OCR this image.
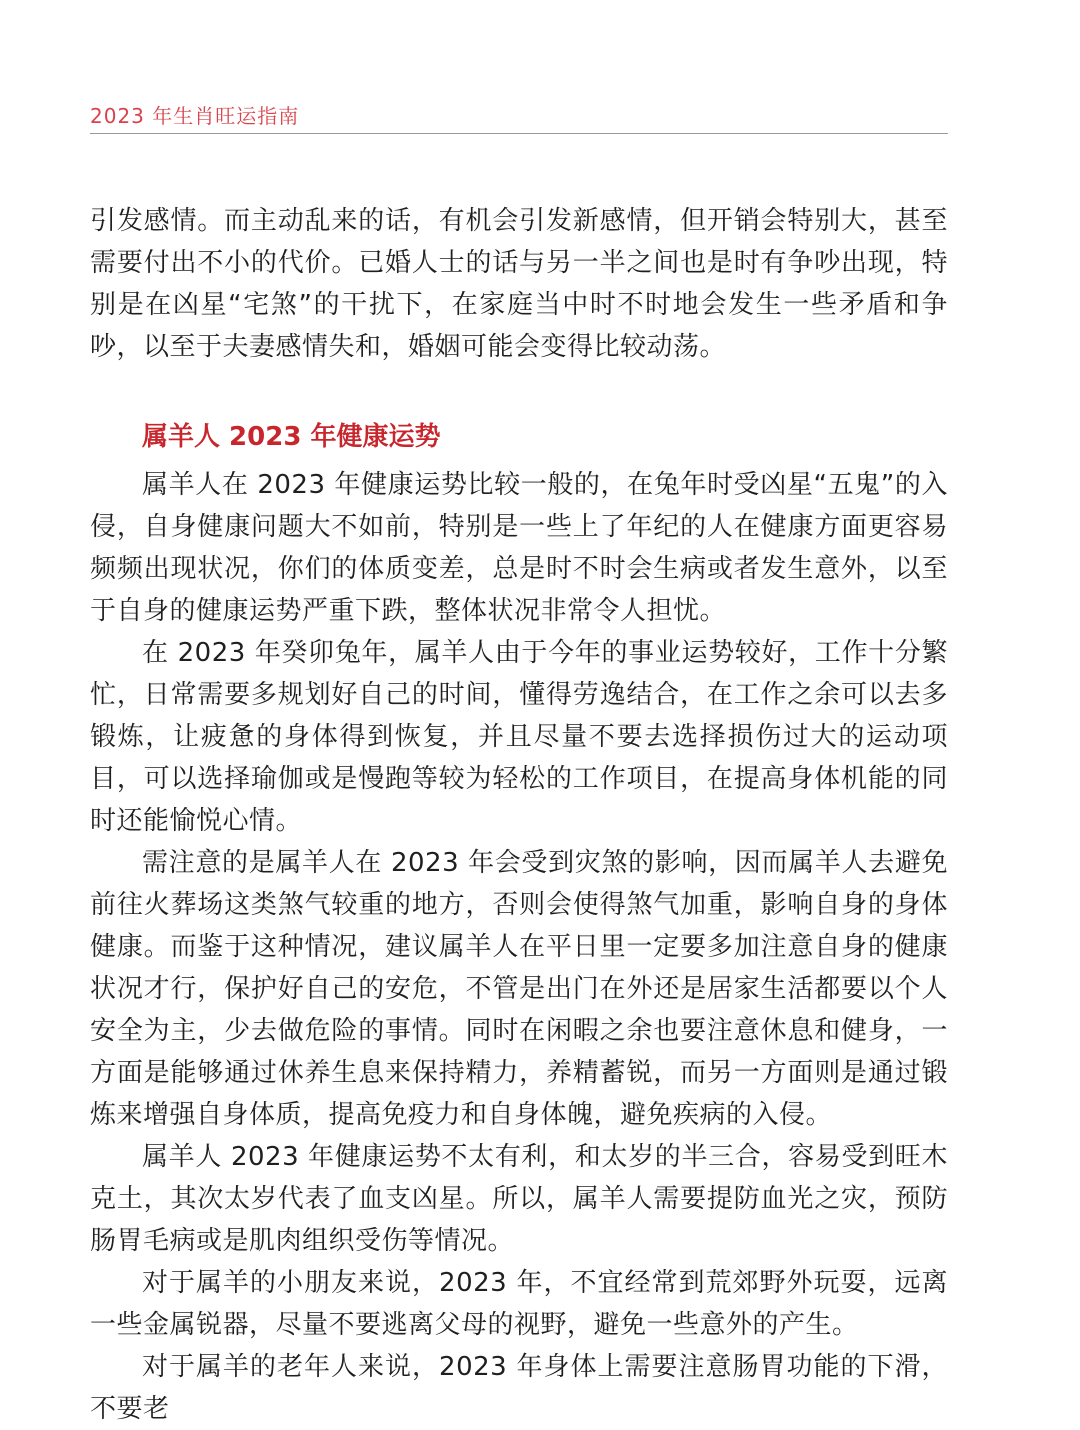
2023 年生肖旺运指南

引发感情。而主动乱来的话，有机会引发新感情，但开销会特别大，甚至需要付出不小的代价。已婚人士的话与另一半之间也是时有争吵出现，特别是在凶星“宅煞”的干扰下，在家庭当中时不时地会发生一些矛盾和争吵，以至于夫妻感情失和，婚姻可能会变得比较动荡。

属羊人 2023 年健康运势

属羊人在 2023 年健康运势比较一般的，在兔年时受凶星“五鬼”的入侵，自身健康问题大不如前，特别是一些上了年纪的人在健康方面更容易频频出现状况，你们的体质变差，总是时不时会生病或者发生意外，以至于自身的健康运势严重下跌，整体状况非常令人担忧。

在 2023 年癸卯兔年，属羊人由于今年的事业运势较好，工作十分繁忙，日常需要多规划好自己的时间，懂得劳逸结合，在工作之余可以去多锻炼，让疲惫的身体得到恢复，并且尽量不要去选择损伤过大的运动项目，可以选择瑜伽或是慢跑等较为轻松的工作项目，在提高身体机能的同时还能愉悦心情。

需注意的是属羊人在 2023 年会受到灾煞的影响，因而属羊人去避免前往火葬场这类煞气较重的地方，否则会使得煞气加重，影响自身的身体健康。而鉴于这种情况，建议属羊人在平日里一定要多加注意自身的健康状况才行，保护好自己的安危，不管是出门在外还是居家生活都要以个人安全为主，少去做危险的事情。同时在闲暇之余也要注意休息和健身，一方面是能够通过休养生息来保持精力，养精蓄锐，而另一方面则是通过锻炼来增强自身体质，提高免疫力和自身体魄，避免疾病的入侵。

属羊人 2023 年健康运势不太有利，和太岁的半三合，容易受到旺木克土，其次太岁代表了血支凶星。所以，属羊人需要提防血光之灾，预防肠胃毛病或是肌肉组织受伤等情况。

对于属羊的小朋友来说，2023 年，不宜经常到荒郊野外玩耍，远离一些金属锐器，尽量不要逃离父母的视野，避免一些意外的产生。

对于属羊的老年人来说，2023 年身体上需要注意肠胃功能的下滑，不要老
